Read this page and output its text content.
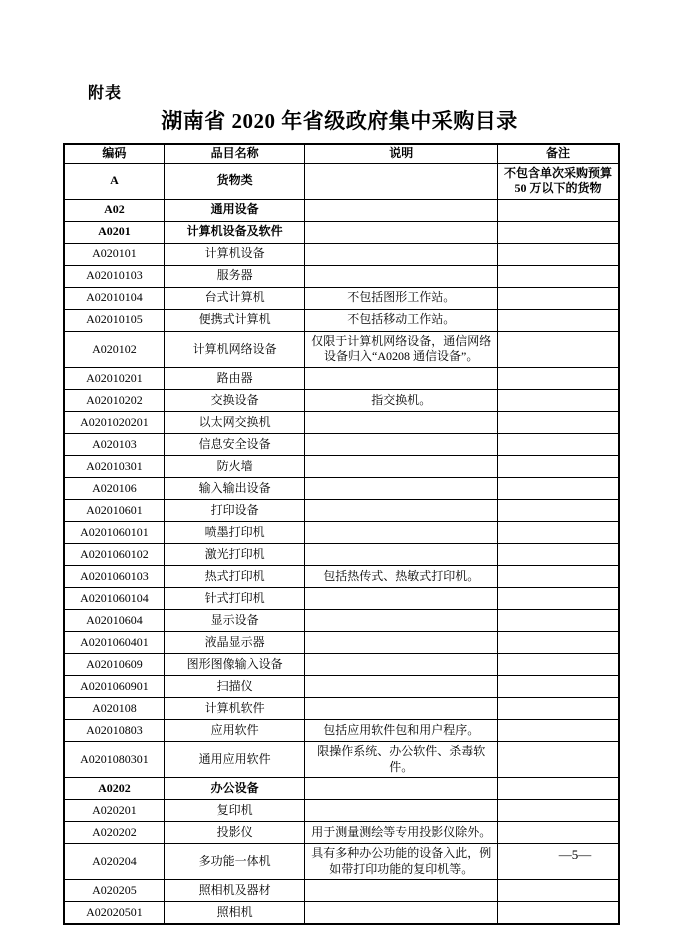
附表
湖南省 2020 年省级政府集中采购目录
编码	品目名称	说明	备注
A	货物类		不包含单次采购预算 50 万以下的货物
A02	通用设备		
A0201	计算机设备及软件		
A020101	计算机设备		
A02010103	服务器		
A02010104	台式计算机	不包括图形工作站。	
A02010105	便携式计算机	不包括移动工作站。	
A020102	计算机网络设备	仅限于计算机网络设备，通信网络设备归入“A0208 通信设备”。	
A02010201	路由器		
A02010202	交换设备	指交换机。	
A0201020201	以太网交换机		
A020103	信息安全设备		
A02010301	防火墙		
A020106	输入输出设备		
A02010601	打印设备		
A0201060101	喷墨打印机		
A0201060102	激光打印机		
A0201060103	热式打印机	包括热传式、热敏式打印机。	
A0201060104	针式打印机		
A02010604	显示设备		
A0201060401	液晶显示器		
A02010609	图形图像输入设备		
A0201060901	扫描仪		
A020108	计算机软件		
A02010803	应用软件	包括应用软件包和用户程序。	
A0201080301	通用应用软件	限操作系统、办公软件、杀毒软件。	
A0202	办公设备		
A020201	复印机		
A020202	投影仪	用于测量测绘等专用投影仪除外。	
A020204	多功能一体机	具有多种办公功能的设备入此，例如带打印功能的复印机等。	
A020205	照相机及器材		
A02020501	照相机		
—5—
